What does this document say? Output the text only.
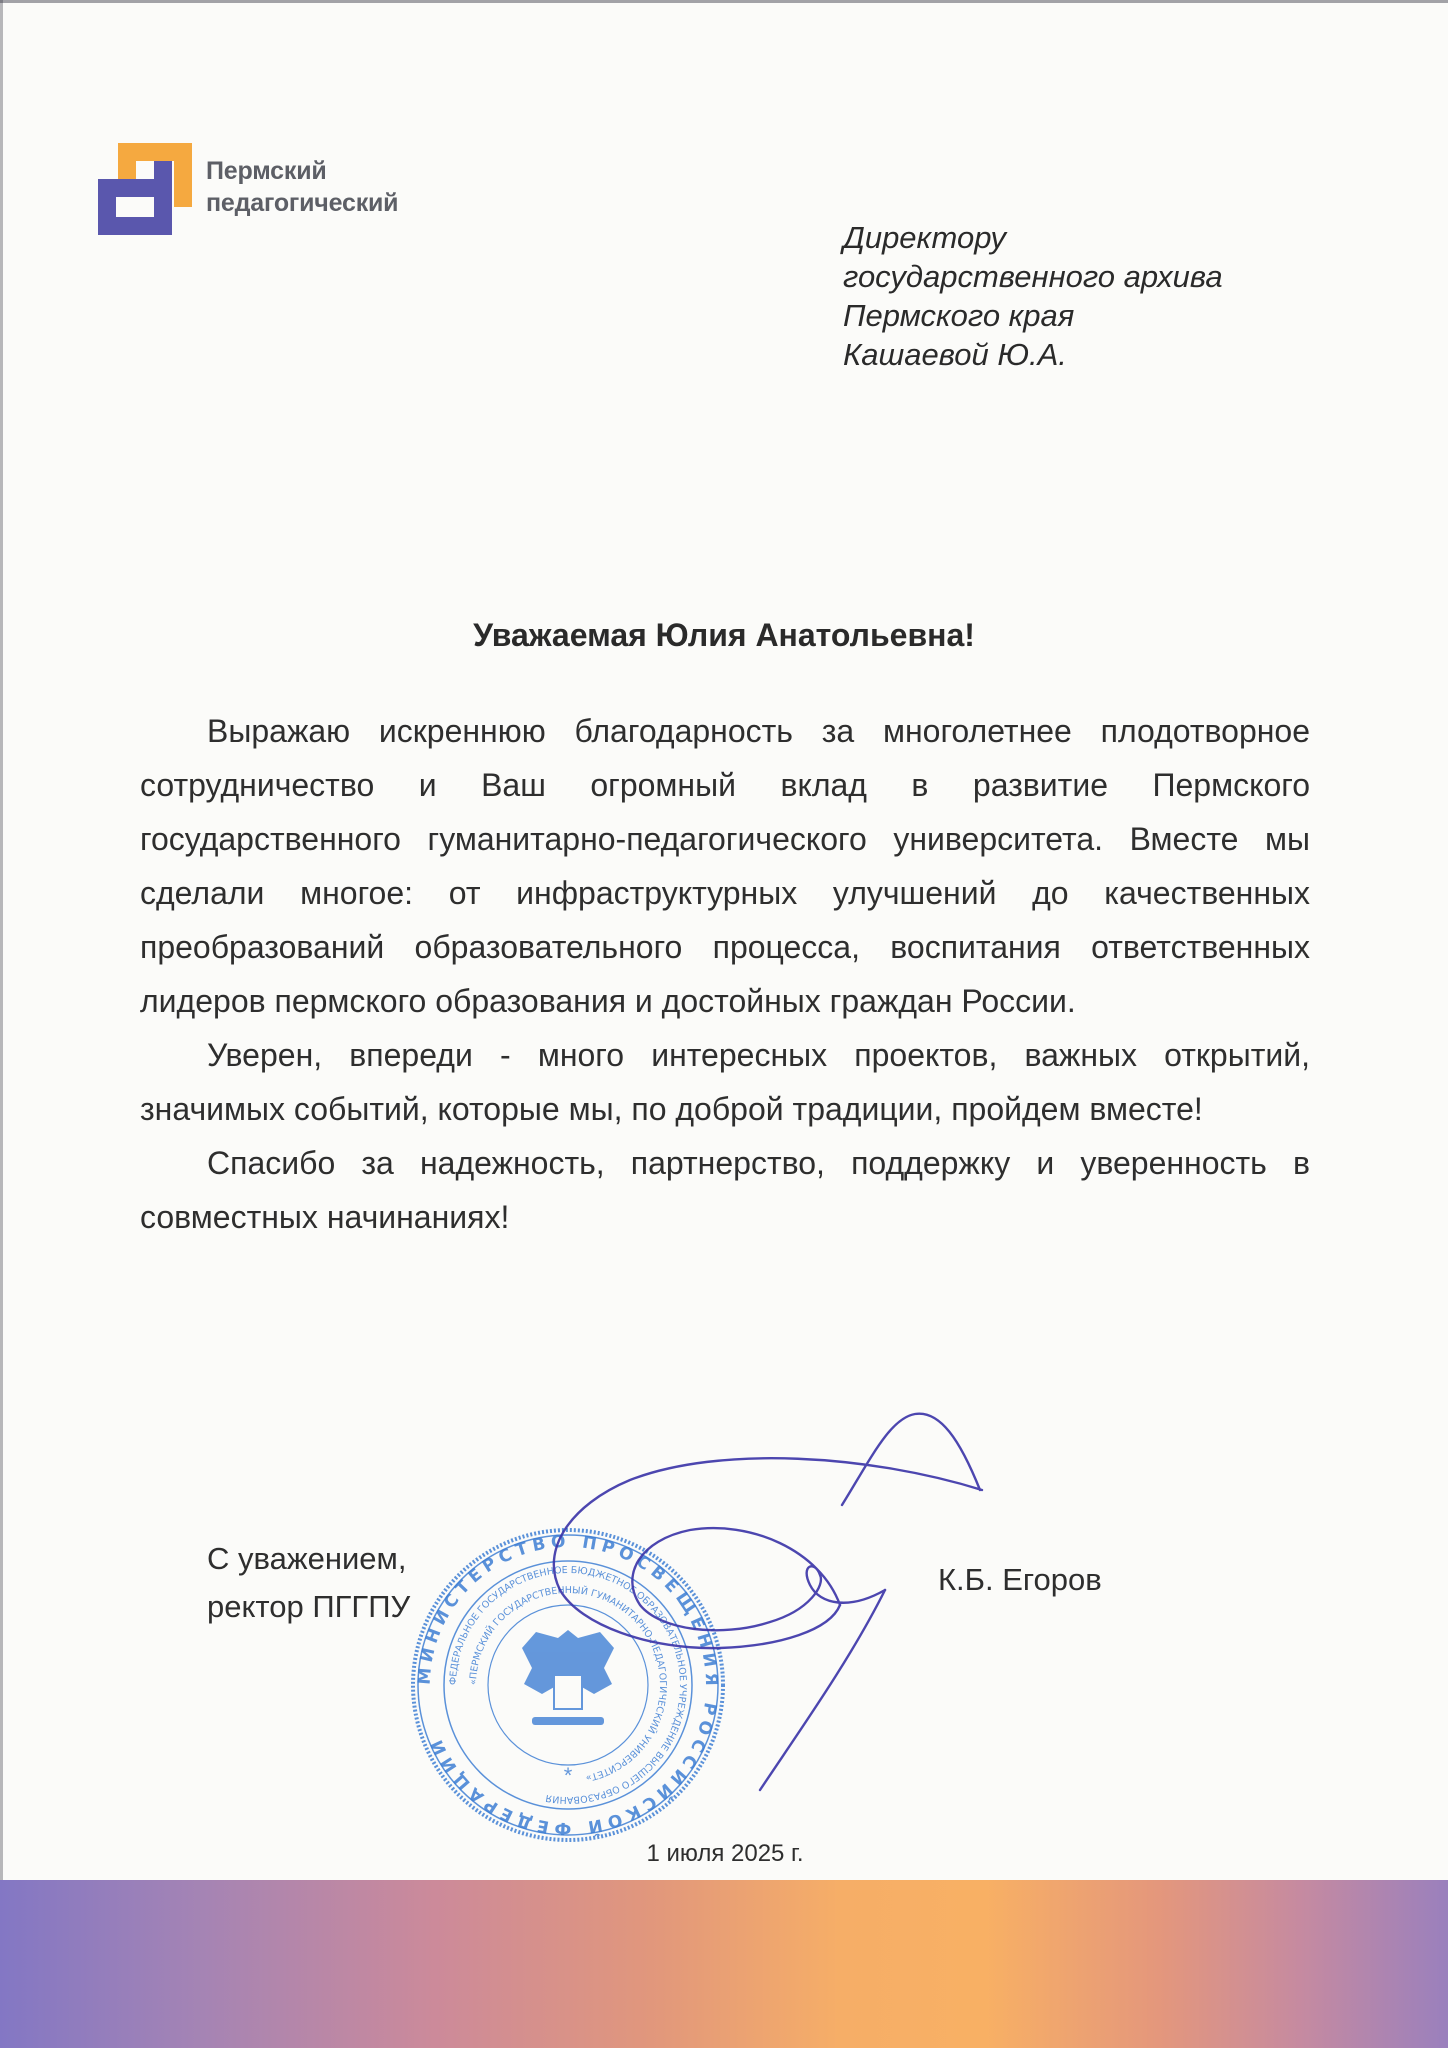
Пермский
педагогический
Директору
государственного архива
Пермского края
Кашаевой Ю.А.
Уважаемая Юлия Анатольевна!

Выражаю искреннюю благодарность за многолетнее плодотворное сотрудничество и Ваш огромный вклад в развитие Пермского государственного гуманитарно-педагогического университета. Вместе мы сделали многое: от инфраструктурных улучшений до качественных преобразований образовательного процесса, воспитания ответственных лидеров пермского образования и достойных граждан России.

Уверен, впереди - много интересных проектов, важных открытий, значимых событий, которые мы, по доброй традиции, пройдем вместе!

Спасибо за надежность, партнерство, поддержку и уверенность в совместных начинаниях!

С уважением,
ректор ПГГПУ
МИНИСТЕРСТВО ПРОСВЕЩЕНИЯ РОССИЙСКОЙ ФЕДЕРАЦИИ
ФЕДЕРАЛЬНОЕ ГОСУДАРСТВЕННОЕ БЮДЖЕТНОЕ ОБРАЗОВАТЕЛЬНОЕ УЧРЕЖДЕНИЕ ВЫСШЕГО ОБРАЗОВАНИЯ
«ПЕРМСКИЙ ГОСУДАРСТВЕННЫЙ ГУМАНИТАРНО-ПЕДАГОГИЧЕСКИЙ УНИВЕРСИТЕТ»
*
К.Б. Егоров
1 июля 2025 г.
